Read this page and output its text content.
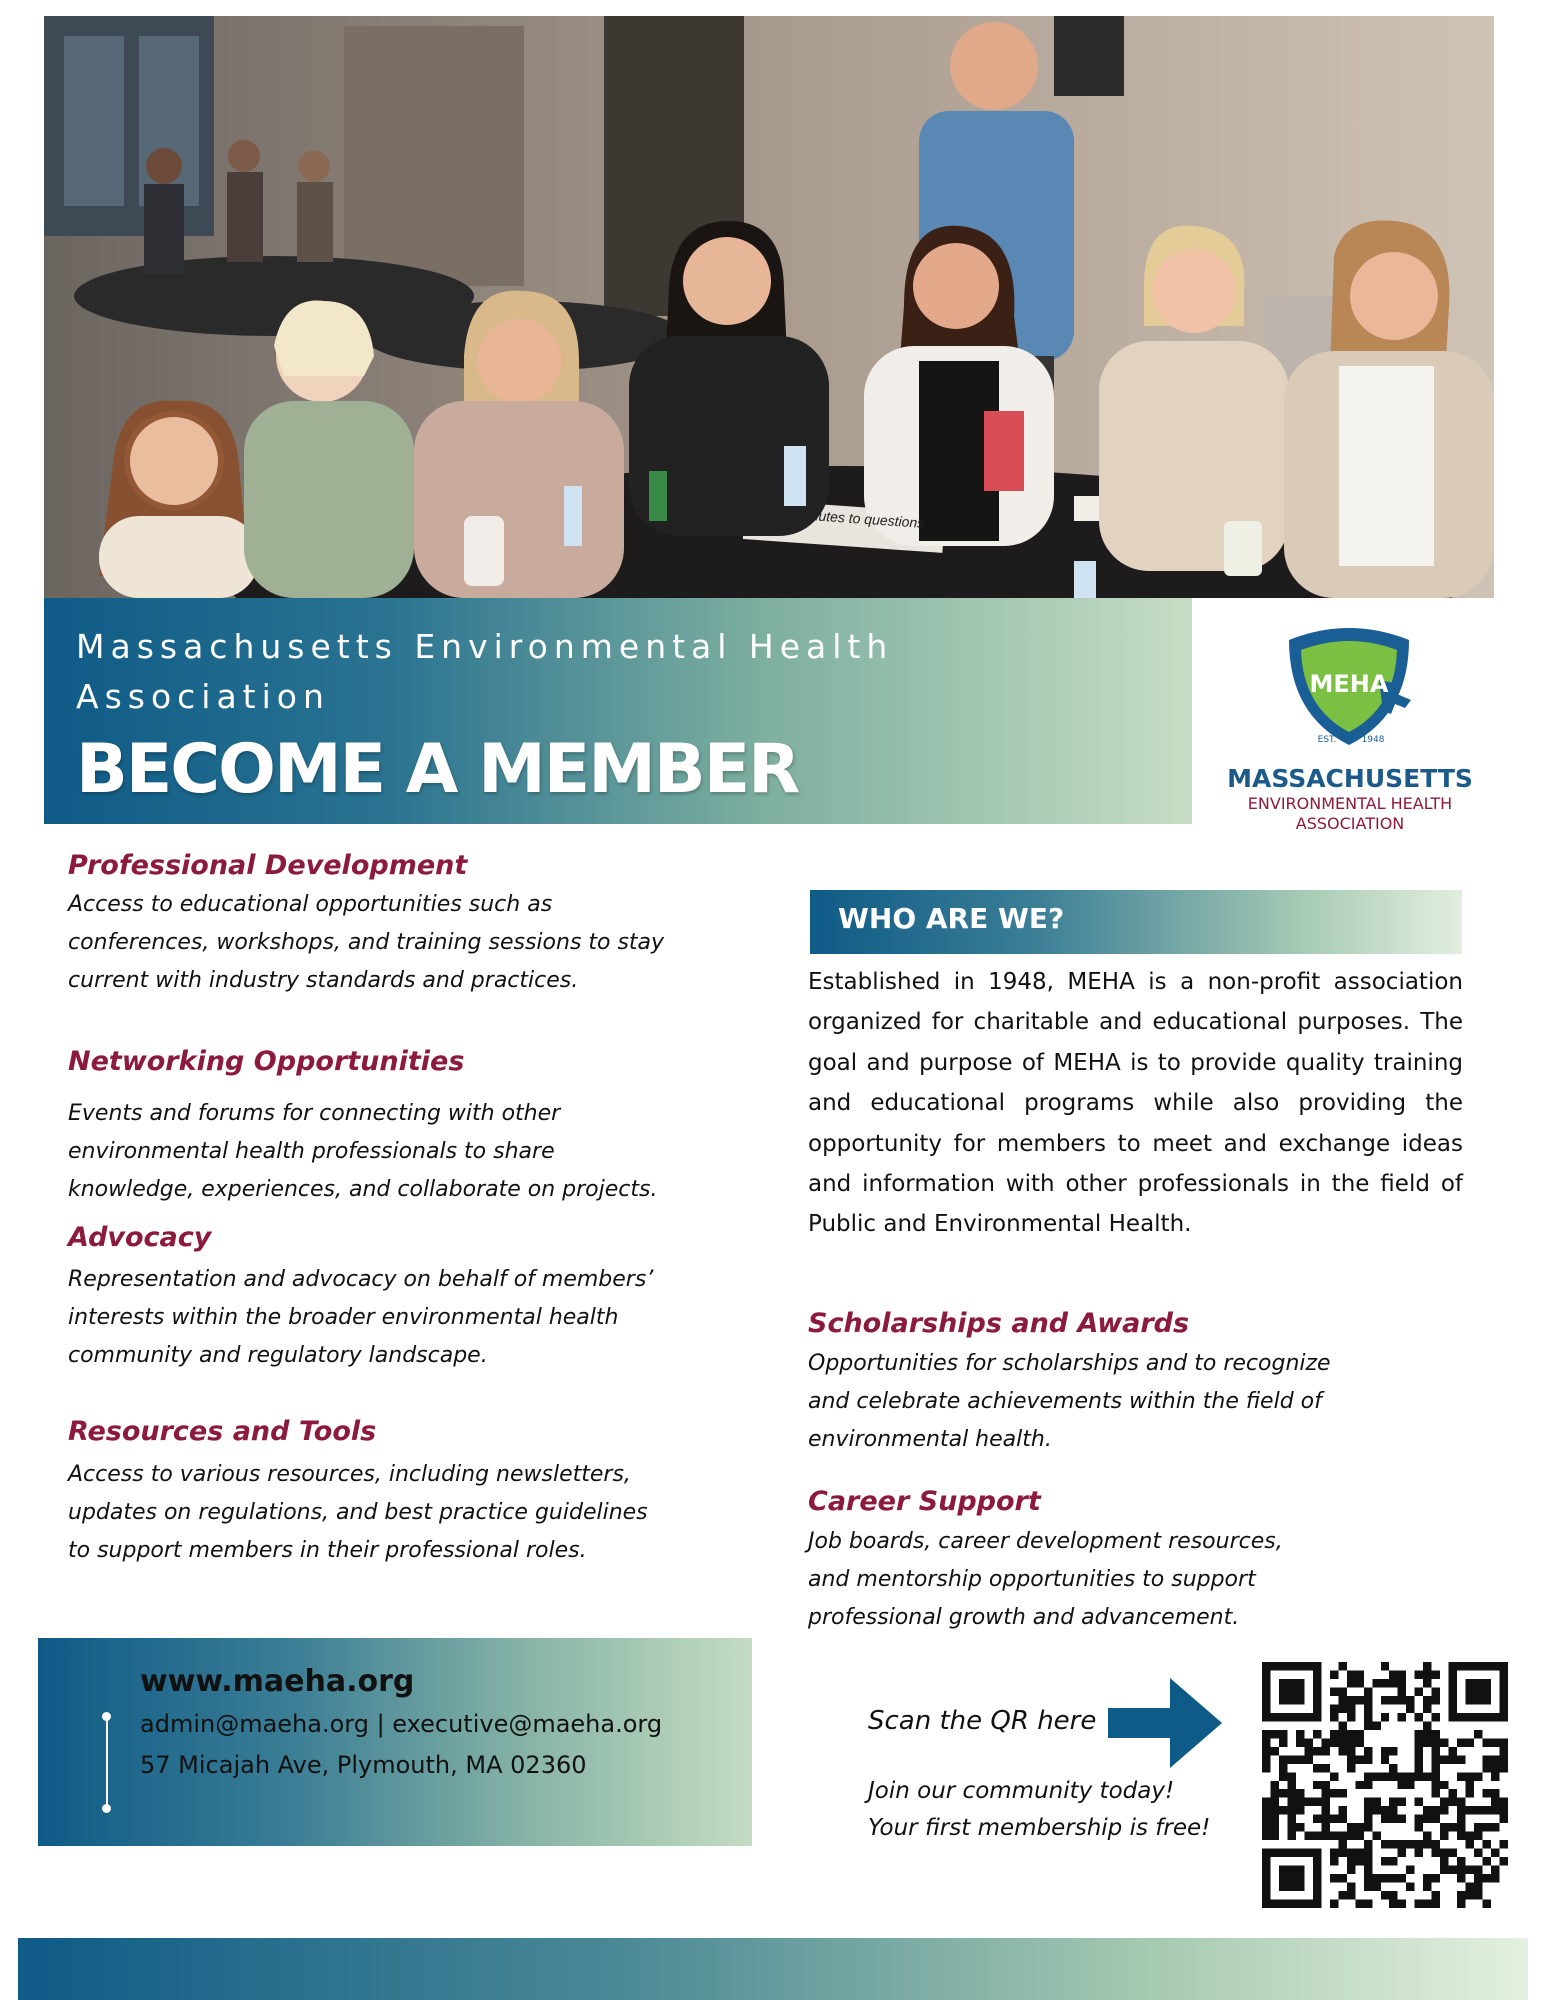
5 minutes to questions
Massachusetts Environmental Health Association
BECOME A MEMBER
MEHA
EST.	1948
MASSACHUSETTS
ENVIRONMENTAL HEALTH
ASSOCIATION
Professional Development
Access to educational opportunities such as
conferences, workshops, and training sessions to stay
current with industry standards and practices.
Networking Opportunities
Events and forums for connecting with other
environmental health professionals to share
knowledge, experiences, and collaborate on projects.
Advocacy
Representation and advocacy on behalf of members’
interests within the broader environmental health
community and regulatory landscape.
Resources and Tools
Access to various resources, including newsletters,
updates on regulations, and best practice guidelines
to support members in their professional roles.
WHO ARE WE?
Established in 1948, MEHA is a non-profit association organized for charitable and educational purposes. The goal and purpose of MEHA is to provide quality training and educational programs while also providing the opportunity for members to meet and exchange ideas and information with other professionals in the field of Public and Environmental Health.
Scholarships and Awards
Opportunities for scholarships and to recognize
and celebrate achievements within the field of
environmental health.
Career Support
Job boards, career development resources,
and mentorship opportunities to support
professional growth and advancement.
www.maeha.org
admin@maeha.org | executive@maeha.org
57 Micajah Ave, Plymouth, MA 02360
Scan the QR here
Join our community today!
Your first membership is free!
